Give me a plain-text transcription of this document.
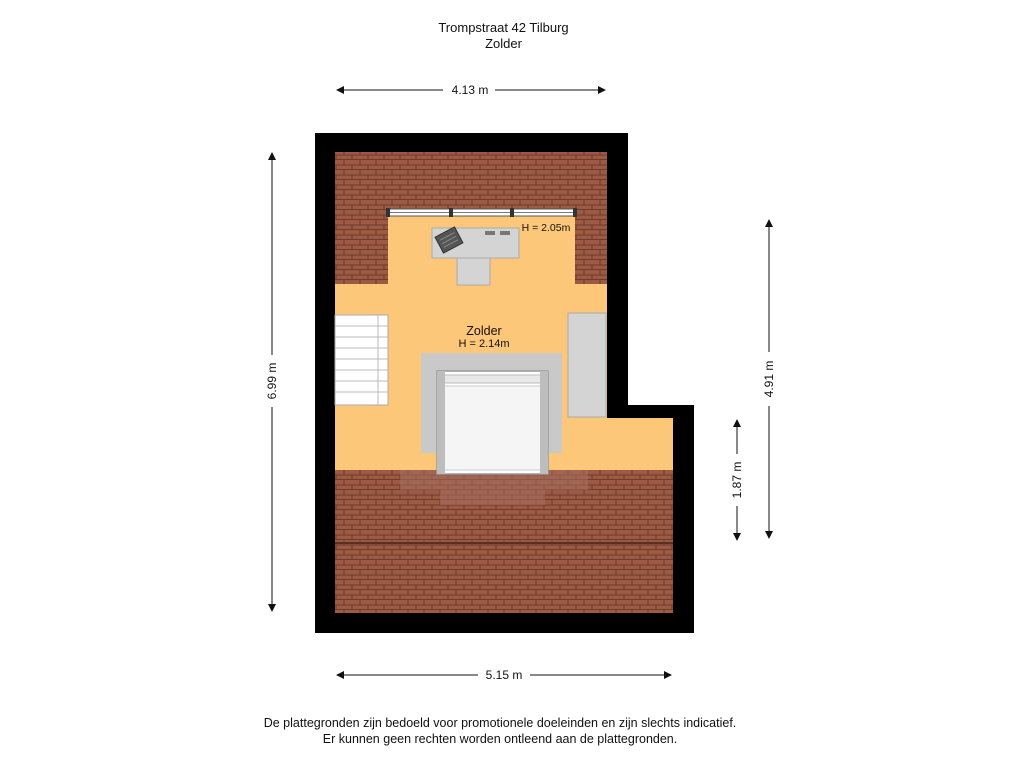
Trompstraat 42 Tilburg
Zolder
Zolder
H = 2.14m
H = 2.05m
4.13 m
5.15 m
6.99 m	4.91 m
1.87 m
De plattegronden zijn bedoeld voor promotionele doeleinden en zijn slechts indicatief.
Er kunnen geen rechten worden ontleend aan de plattegronden.
